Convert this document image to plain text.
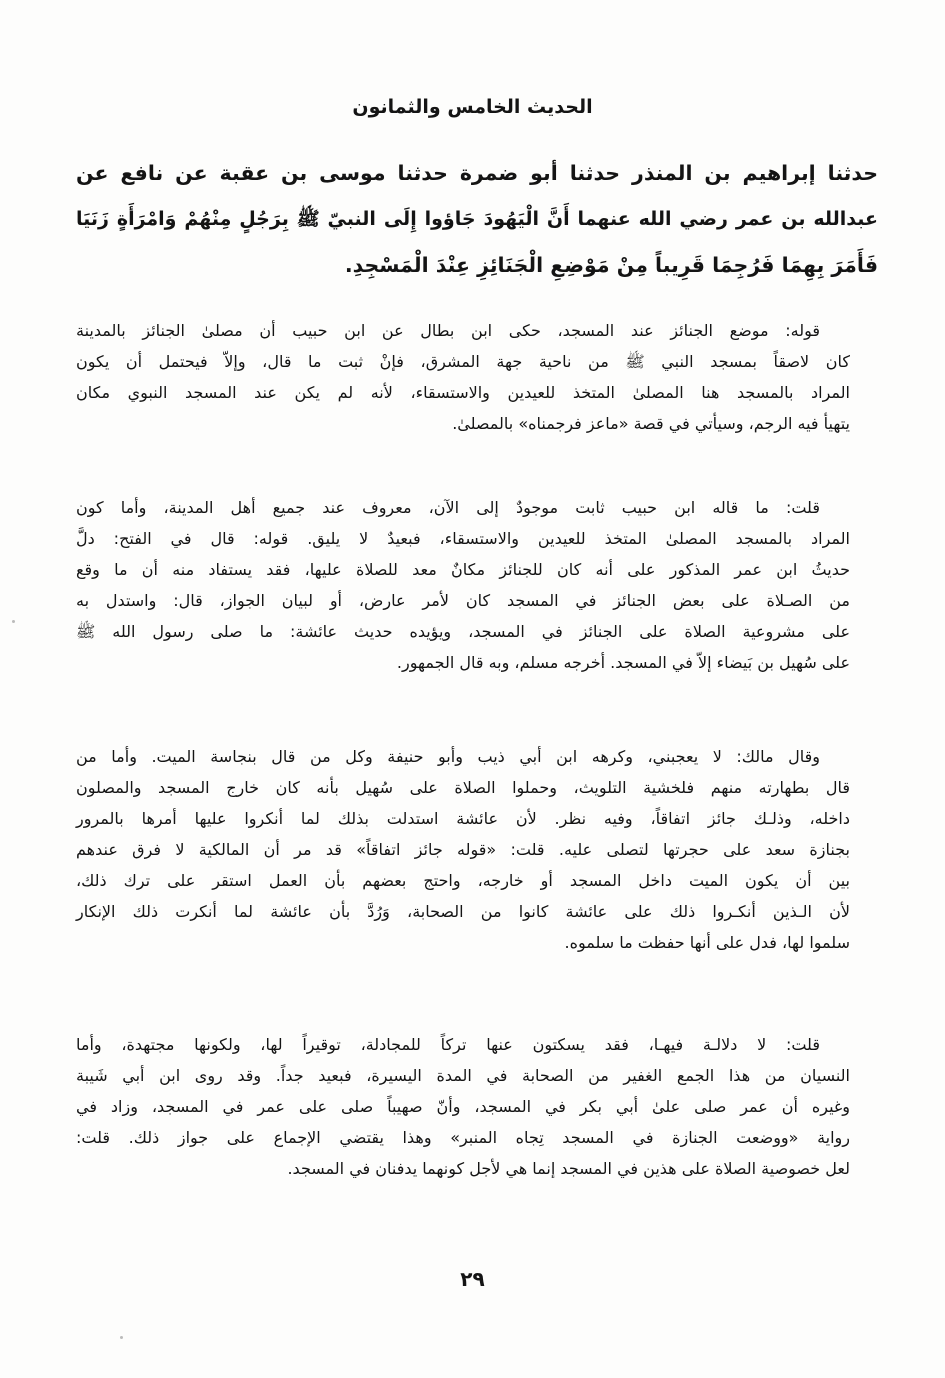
الحديث الخامس والثمانون
حدثنا إبراهيم بن المنذر حدثنا أبو ضمرة حدثنا موسى بن عقبة عن نافع عن
عبدالله بن عمر رضي الله عنهما أَنَّ الْيَهُودَ جَاؤوا إِلَى النبيّ ﷺ بِرَجُلٍ مِنْهُمْ وَامْرَأَةٍ زَنَيَا
فَأَمَرَ بِهِمَا فَرُجِمَا قَرِيباً مِنْ مَوْضِعِ الْجَنَائِزِ عِنْدَ الْمَسْجِدِ.
قوله: موضع الجنائز عند المسجد، حكى ابن بطال عن ابن حبيب أن مصلىٰ الجنائز بالمدينة
كان لاصقاً بمسجد النبي ﷺ من ناحية جهة المشرق، فإنْ ثبت ما قال، وإلاّ فيحتمل أن يكون
المراد بالمسجد هنا المصلىٰ المتخذ للعيدين والاستسقاء، لأنه لم يكن عند المسجد النبوي مكان
يتهيأ فيه الرجم، وسيأتي في قصة «ماعز فرجمناه» بالمصلىٰ.
قلت: ما قاله ابن حبيب ثابت موجودٌ إلى الآن، معروف عند جميع أهل المدينة، وأما كون
المراد بالمسجد المصلىٰ المتخذ للعيدين والاستسقاء، فبعيدٌ لا يليق. قوله: قال في الفتح: دلَّ
حديثُ ابن عمر المذكور على أنه كان للجنائز مكانٌ معد للصلاة عليها، فقد يستفاد منه أن ما وقع
من الصـلاة على بعض الجنائز في المسجد كان لأمر عارض، أو لبيان الجواز، قال: واستدل به
على مشروعية الصلاة على الجنائز في المسجد، ويؤيده حديث عائشة: ما صلى رسول الله ﷺ
على سُهيل بن بَيضاء إلاّ في المسجد. أخرجه مسلم، وبه قال الجمهور.
وقال مالك: لا يعجبني، وكرهه ابن أبي ذيب وأبو حنيفة وكل من قال بنجاسة الميت. وأما من
قال بطهارته منهم فلخشية التلويث، وحملوا الصلاة على سُهيل بأنه كان خارج المسجد والمصلون
داخله، وذلـك جائز اتفاقاً، وفيه نظر. لأن عائشة استدلت بذلك لما أنكروا عليها أمرها بالمرور
بجنازة سعد على حجرتها لتصلى عليه. قلت: «قوله جائز اتفاقاً» قد مر أن المالكية لا فرق عندهم
بين أن يكون الميت داخل المسجد أو خارجه، واحتج بعضهم بأن العمل استقر على ترك ذلك،
لأن الـذين أنكـروا ذلك على عائشة كانوا من الصحابة، وَرُدَّ بأن عائشة لما أنكرت ذلك الإنكار
سلموا لها، فدل على أنها حفظت ما سلموه.
قلت: لا دلالـة فيهـا، فقد يسكتون عنها تركاً للمجادلة، توقيراً لها، ولكونها مجتهدة، وأما
النسيان من هذا الجمع الغفير من الصحابة في المدة اليسيرة، فبعيد جداً. وقد روى ابن أبي شَيبة
وغيره أن عمر صلى علىٰ أبي بكر في المسجد، وأنّ صهيباً صلى على عمر في المسجد، وزاد في
رواية «ووضعت الجنازة في المسجد تِجاه المنبر» وهذا يقتضي الإجماع على جواز ذلك. قلت:
لعل خصوصية الصلاة على هذين في المسجد إنما هي لأجل كونهما يدفنان في المسجد.
٢٩
